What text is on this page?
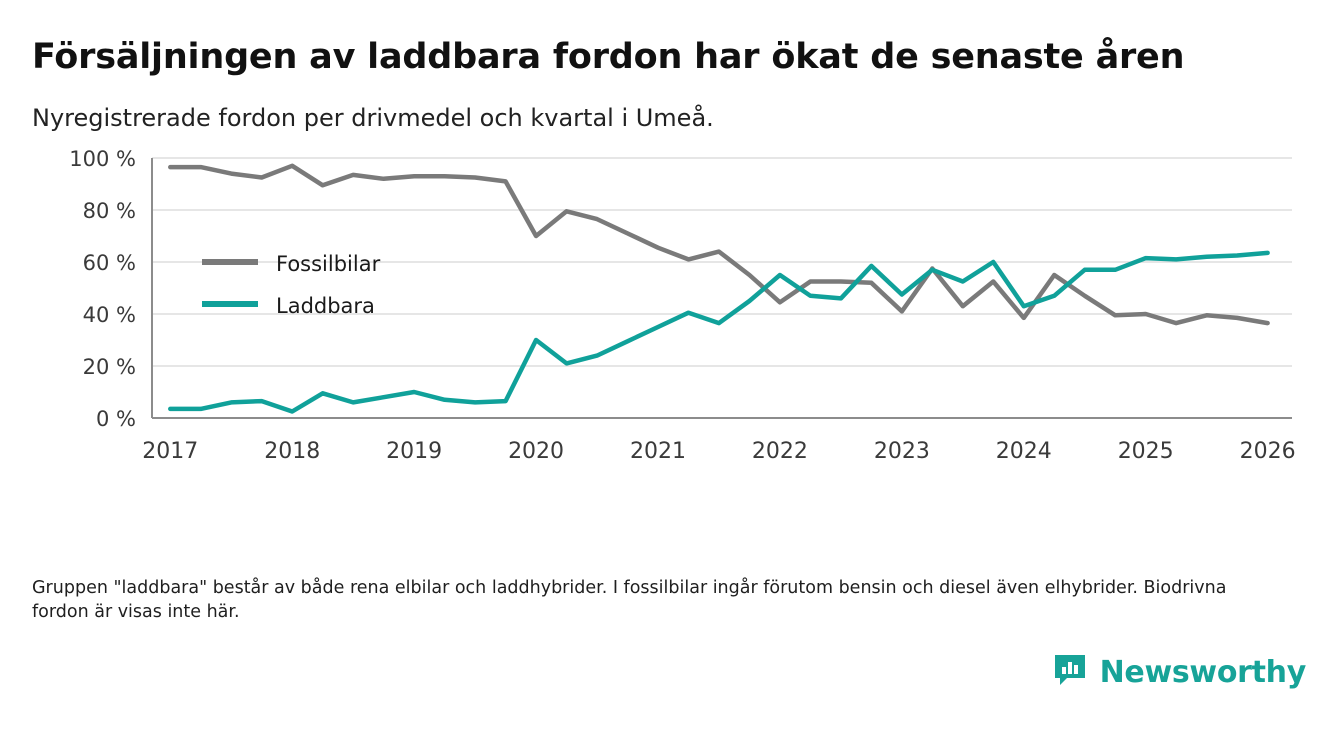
Försäljningen av laddbara fordon har ökat de senaste åren
Nyregistrerade fordon per drivmedel och kvartal i Umeå.
0 %
20 %
40 %
60 %
80 %
100 %
2017	2018	2019	2020	2021	2022	2023	2024	2025	2026
Fossilbilar
Laddbara

Gruppen "laddbara" består av både rena elbilar och laddhybrider. I fossilbilar ingår förutom bensin och diesel även elhybrider. Biodrivna fordon är visas inte här.

Newsworthy
